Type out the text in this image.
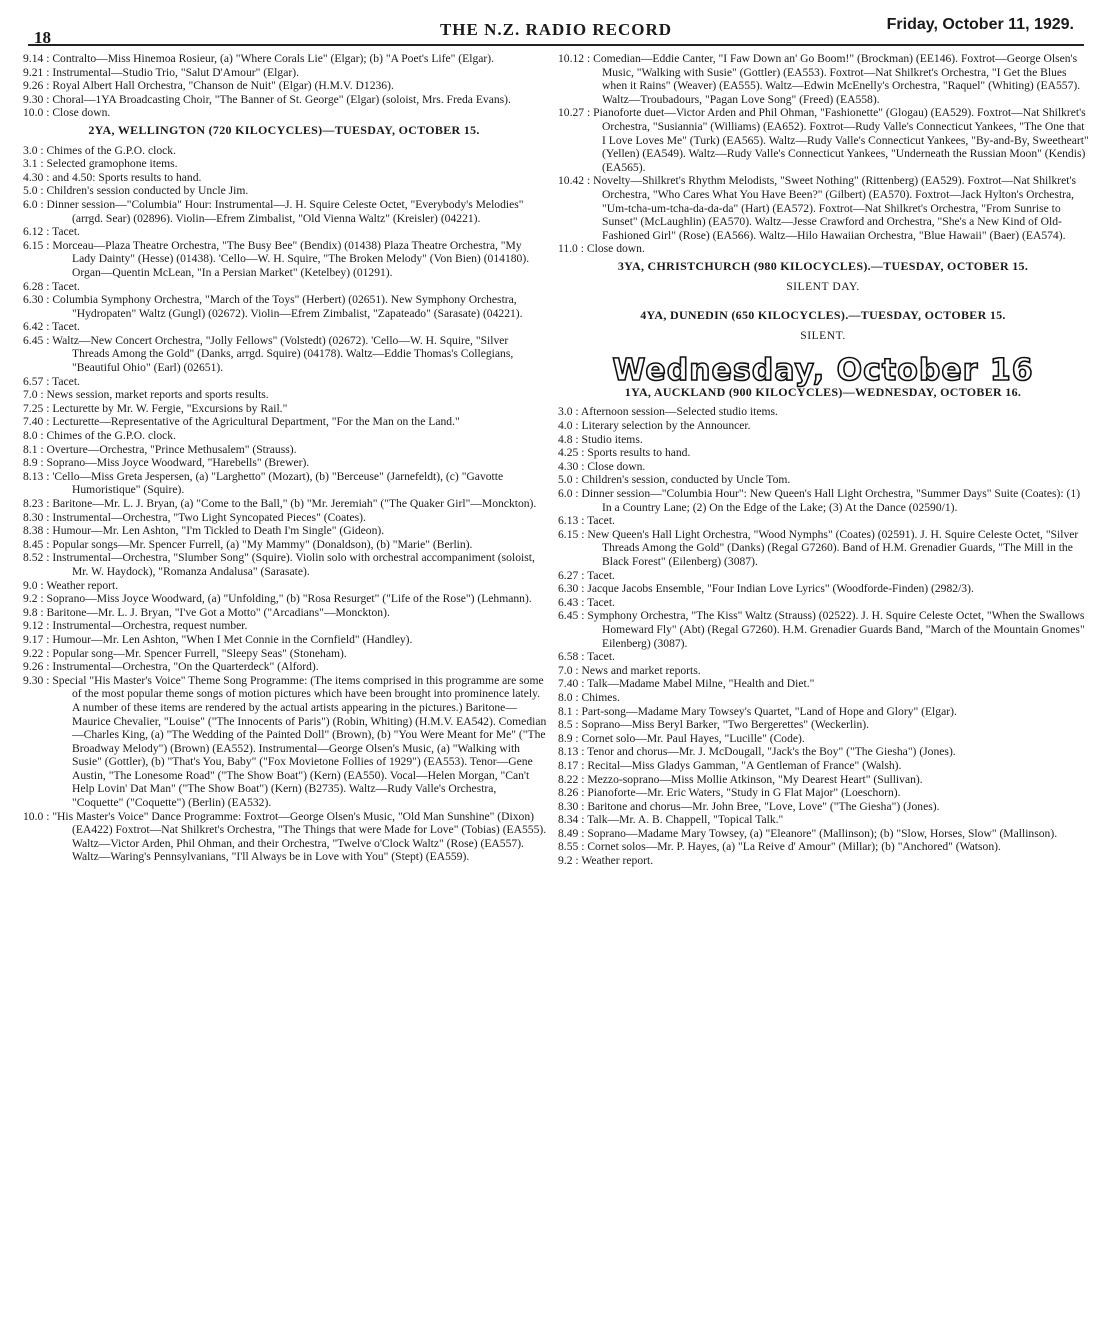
18	THE N.Z. RADIO RECORD	Friday, October 11, 1929.

9.14 : Contralto—Miss Hinemoa Rosieur, (a) "Where Corals Lie" (Elgar); (b) "A Poet's Life" (Elgar).

9.21 : Instrumental—Studio Trio, "Salut D'Amour" (Elgar).

9.26 : Royal Albert Hall Orchestra, "Chanson de Nuit" (Elgar) (H.M.V. D1236).

9.30 : Choral—1YA Broadcasting Choir, "The Banner of St. George" (Elgar) (soloist, Mrs. Freda Evans).

10.0 : Close down.

2YA, WELLINGTON (720 KILOCYCLES)—TUESDAY, OCTOBER 15.

3.0 : Chimes of the G.P.O. clock.

3.1 : Selected gramophone items.

4.30 : and 4.50: Sports results to hand.

5.0 : Children's session conducted by Uncle Jim.

6.0 : Dinner session—"Columbia" Hour: Instrumental—J. H. Squire Celeste Octet, "Everybody's Melodies" (arrgd. Sear) (02896). Violin—Efrem Zimbalist, "Old Vienna Waltz" (Kreisler) (04221).

6.12 : Tacet.

6.15 : Morceau—Plaza Theatre Orchestra, "The Busy Bee" (Bendix) (01438) Plaza Theatre Orchestra, "My Lady Dainty" (Hesse) (01438). 'Cello—W. H. Squire, "The Broken Melody" (Von Bien) (014180). Organ—Quentin McLean, "In a Persian Market" (Ketelbey) (01291).

6.28 : Tacet.

6.30 : Columbia Symphony Orchestra, "March of the Toys" (Herbert) (02651). New Symphony Orchestra, "Hydropaten" Waltz (Gungl) (02672). Violin—Efrem Zimbalist, "Zapateado" (Sarasate) (04221).

6.42 : Tacet.

6.45 : Waltz—New Concert Orchestra, "Jolly Fellows" (Volstedt) (02672). 'Cello—W. H. Squire, "Silver Threads Among the Gold" (Danks, arrgd. Squire) (04178). Waltz—Eddie Thomas's Collegians, "Beautiful Ohio" (Earl) (02651).

6.57 : Tacet.

7.0 : News session, market reports and sports results.

7.25 : Lecturette by Mr. W. Fergie, "Excursions by Rail."

7.40 : Lecturette—Representative of the Agricultural Department, "For the Man on the Land."

8.0 : Chimes of the G.P.O. clock.

8.1 : Overture—Orchestra, "Prince Methusalem" (Strauss).

8.9 : Soprano—Miss Joyce Woodward, "Harebells" (Brewer).

8.13 : 'Cello—Miss Greta Jespersen, (a) "Larghetto" (Mozart), (b) "Berceuse" (Jarnefeldt), (c) "Gavotte Humoristique" (Squire).

8.23 : Baritone—Mr. L. J. Bryan, (a) "Come to the Ball," (b) "Mr. Jeremiah" ("The Quaker Girl"—Monckton).

8.30 : Instrumental—Orchestra, "Two Light Syncopated Pieces" (Coates).

8.38 : Humour—Mr. Len Ashton, "I'm Tickled to Death I'm Single" (Gideon).

8.45 : Popular songs—Mr. Spencer Furrell, (a) "My Mammy" (Donaldson), (b) "Marie" (Berlin).

8.52 : Instrumental—Orchestra, "Slumber Song" (Squire). Violin solo with orchestral accompaniment (soloist, Mr. W. Haydock), "Romanza Andalusa" (Sarasate).

9.0 : Weather report.

9.2 : Soprano—Miss Joyce Woodward, (a) "Unfolding," (b) "Rosa Resurget" ("Life of the Rose") (Lehmann).

9.8 : Baritone—Mr. L. J. Bryan, "I've Got a Motto" ("Arcadians"—Monckton).

9.12 : Instrumental—Orchestra, request number.

9.17 : Humour—Mr. Len Ashton, "When I Met Connie in the Cornfield" (Handley).

9.22 : Popular song—Mr. Spencer Furrell, "Sleepy Seas" (Stoneham).

9.26 : Instrumental—Orchestra, "On the Quarterdeck" (Alford).

9.30 : Special "His Master's Voice" Theme Song Programme: (The items comprised in this programme are some of the most popular theme songs of motion pictures which have been brought into prominence lately. A number of these items are rendered by the actual artists appearing in the pictures.) Baritone—Maurice Chevalier, "Louise" ("The Innocents of Paris") (Robin, Whiting) (H.M.V. EA542). Comedian—Charles King, (a) "The Wedding of the Painted Doll" (Brown), (b) "You Were Meant for Me" ("The Broadway Melody") (Brown) (EA552). Instrumental—George Olsen's Music, (a) "Walking with Susie" (Gottler), (b) "That's You, Baby" ("Fox Movietone Follies of 1929") (EA553). Tenor—Gene Austin, "The Lonesome Road" ("The Show Boat") (Kern) (EA550). Vocal—Helen Morgan, "Can't Help Lovin' Dat Man" ("The Show Boat") (Kern) (B2735). Waltz—Rudy Valle's Orchestra, "Coquette" ("Coquette") (Berlin) (EA532).

10.0 : "His Master's Voice" Dance Programme: Foxtrot—George Olsen's Music, "Old Man Sunshine" (Dixon) (EA422) Foxtrot—Nat Shilkret's Orchestra, "The Things that were Made for Love" (Tobias) (EA555). Waltz—Victor Arden, Phil Ohman, and their Orchestra, "Twelve o'Clock Waltz" (Rose) (EA557). Waltz—Waring's Pennsylvanians, "I'll Always be in Love with You" (Stept) (EA559).

10.12 : Comedian—Eddie Canter, "I Faw Down an' Go Boom!" (Brockman) (EE146). Foxtrot—George Olsen's Music, "Walking with Susie" (Gottler) (EA553). Foxtrot—Nat Shilkret's Orchestra, "I Get the Blues when it Rains" (Weaver) (EA555). Waltz—Edwin McEnelly's Orchestra, "Raquel" (Whiting) (EA557). Waltz—Troubadours, "Pagan Love Song" (Freed) (EA558).

10.27 : Pianoforte duet—Victor Arden and Phil Ohman, "Fashionette" (Glogau) (EA529). Foxtrot—Nat Shilkret's Orchestra, "Susiannia" (Williams) (EA652). Foxtrot—Rudy Valle's Connecticut Yankees, "The One that I Love Loves Me" (Turk) (EA565). Waltz—Rudy Valle's Connecticut Yankees, "By-and-By, Sweetheart" (Yellen) (EA549). Waltz—Rudy Valle's Connecticut Yankees, "Underneath the Russian Moon" (Kendis) (EA565).

10.42 : Novelty—Shilkret's Rhythm Melodists, "Sweet Nothing" (Rittenberg) (EA529). Foxtrot—Nat Shilkret's Orchestra, "Who Cares What You Have Been?" (Gilbert) (EA570). Foxtrot—Jack Hylton's Orchestra, "Um-tcha-um-tcha-da-da-da" (Hart) (EA572). Foxtrot—Nat Shilkret's Orchestra, "From Sunrise to Sunset" (McLaughlin) (EA570). Waltz—Jesse Crawford and Orchestra, "She's a New Kind of Old-Fashioned Girl" (Rose) (EA566). Waltz—Hilo Hawaiian Orchestra, "Blue Hawaii" (Baer) (EA574).

11.0 : Close down.

3YA, CHRISTCHURCH (980 KILOCYCLES).—TUESDAY, OCTOBER 15.
SILENT DAY.
4YA, DUNEDIN (650 KILOCYCLES).—TUESDAY, OCTOBER 15.
SILENT.
Wednesday, October 16
1YA, AUCKLAND (900 KILOCYCLES)—WEDNESDAY, OCTOBER 16.

3.0 : Afternoon session—Selected studio items.

4.0 : Literary selection by the Announcer.

4.8 : Studio items.

4.25 : Sports results to hand.

4.30 : Close down.

5.0 : Children's session, conducted by Uncle Tom.

6.0 : Dinner session—"Columbia Hour": New Queen's Hall Light Orchestra, "Summer Days" Suite (Coates): (1) In a Country Lane; (2) On the Edge of the Lake; (3) At the Dance (02590/1).

6.13 : Tacet.

6.15 : New Queen's Hall Light Orchestra, "Wood Nymphs" (Coates) (02591). J. H. Squire Celeste Octet, "Silver Threads Among the Gold" (Danks) (Regal G7260). Band of H.M. Grenadier Guards, "The Mill in the Black Forest" (Eilenberg) (3087).

6.27 : Tacet.

6.30 : Jacque Jacobs Ensemble, "Four Indian Love Lyrics" (Woodforde-Finden) (2982/3).

6.43 : Tacet.

6.45 : Symphony Orchestra, "The Kiss" Waltz (Strauss) (02522). J. H. Squire Celeste Octet, "When the Swallows Homeward Fly" (Abt) (Regal G7260). H.M. Grenadier Guards Band, "March of the Mountain Gnomes" Eilenberg) (3087).

6.58 : Tacet.

7.0 : News and market reports.

7.40 : Talk—Madame Mabel Milne, "Health and Diet."

8.0 : Chimes.

8.1 : Part-song—Madame Mary Towsey's Quartet, "Land of Hope and Glory" (Elgar).

8.5 : Soprano—Miss Beryl Barker, "Two Bergerettes" (Weckerlin).

8.9 : Cornet solo—Mr. Paul Hayes, "Lucille" (Code).

8.13 : Tenor and chorus—Mr. J. McDougall, "Jack's the Boy" ("The Giesha") (Jones).

8.17 : Recital—Miss Gladys Gamman, "A Gentleman of France" (Walsh).

8.22 : Mezzo-soprano—Miss Mollie Atkinson, "My Dearest Heart" (Sullivan).

8.26 : Pianoforte—Mr. Eric Waters, "Study in G Flat Major" (Loeschorn).

8.30 : Baritone and chorus—Mr. John Bree, "Love, Love" ("The Giesha") (Jones).

8.34 : Talk—Mr. A. B. Chappell, "Topical Talk."

8.49 : Soprano—Madame Mary Towsey, (a) "Eleanore" (Mallinson); (b) "Slow, Horses, Slow" (Mallinson).

8.55 : Cornet solos—Mr. P. Hayes, (a) "La Reive d' Amour" (Millar); (b) "Anchored" (Watson).

9.2 : Weather report.
